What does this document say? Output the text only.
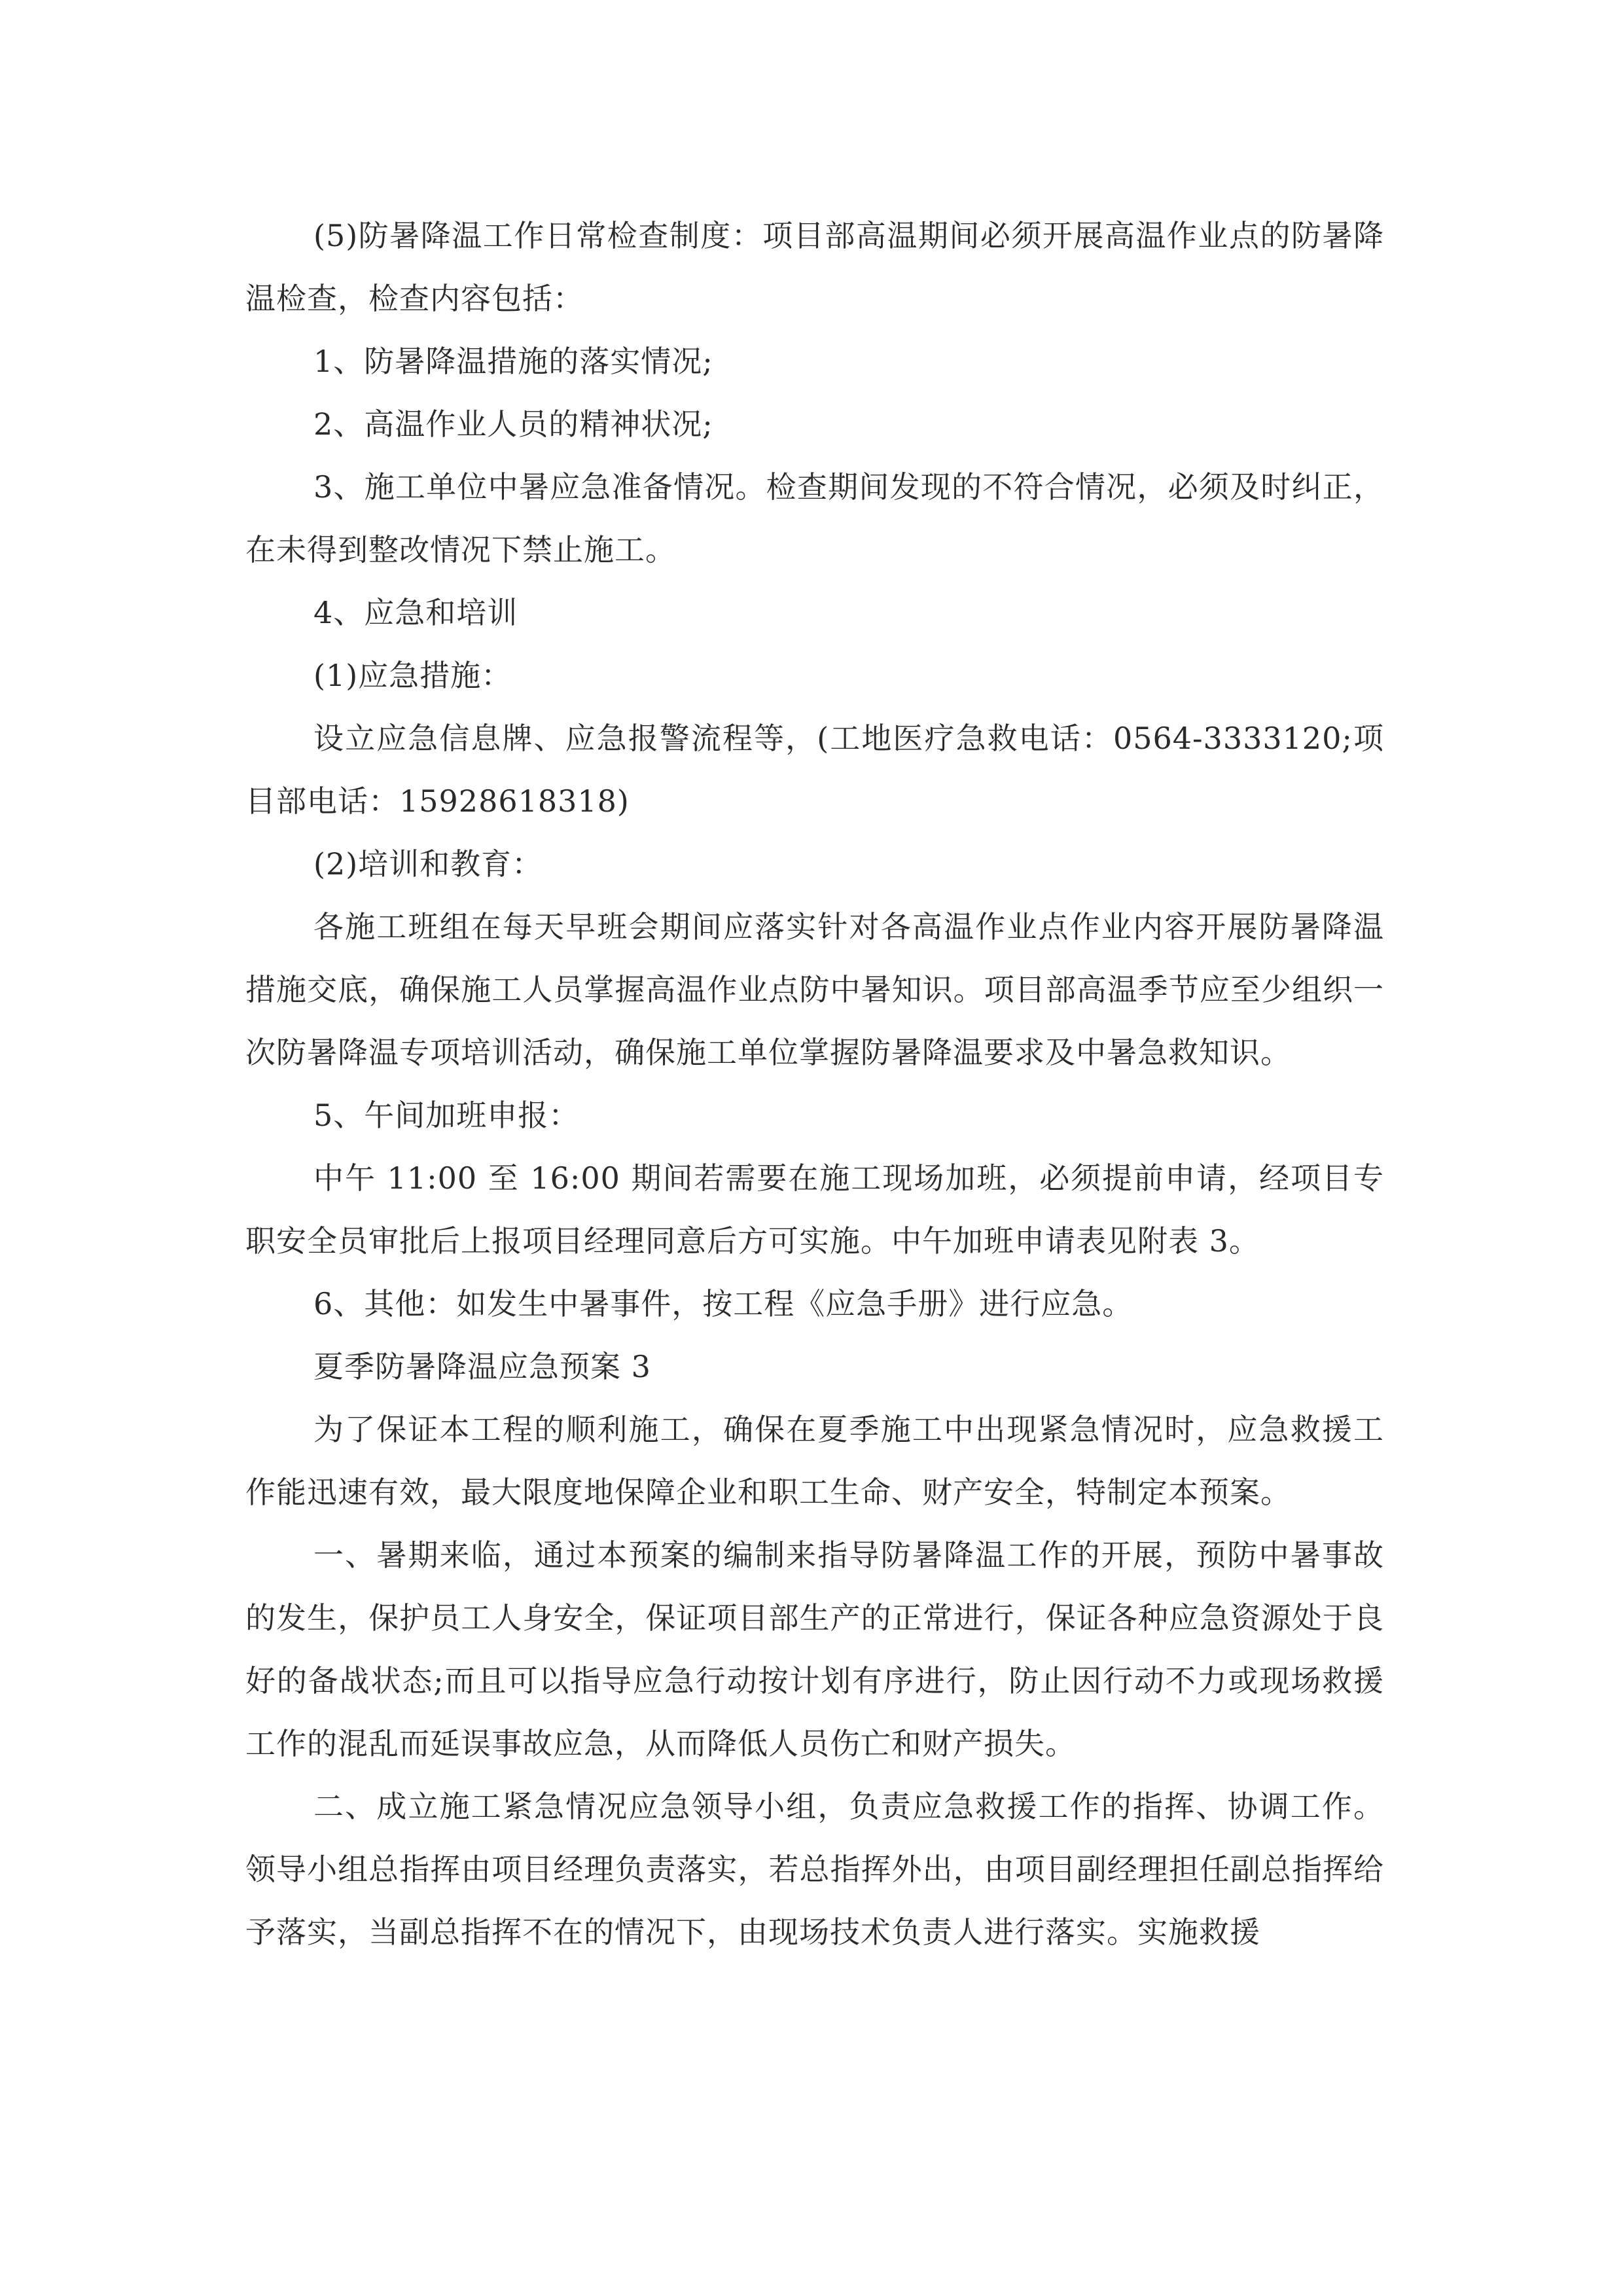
(5)防暑降温工作日常检查制度：项目部高温期间必须开展高温作业点的防暑降温检查，检查内容包括：

1、防暑降温措施的落实情况;

2、高温作业人员的精神状况;

3、施工单位中暑应急准备情况。检查期间发现的不符合情况，必须及时纠正，在未得到整改情况下禁止施工。

4、应急和培训

(1)应急措施：

设立应急信息牌、应急报警流程等，(工地医疗急救电话：0564-3333120;项目部电话：15928618318)

(2)培训和教育：

各施工班组在每天早班会期间应落实针对各高温作业点作业内容开展防暑降温措施交底，确保施工人员掌握高温作业点防中暑知识。项目部高温季节应至少组织一次防暑降温专项培训活动，确保施工单位掌握防暑降温要求及中暑急救知识。

5、午间加班申报：

中午 11:00 至 16:00 期间若需要在施工现场加班，必须提前申请，经项目专职安全员审批后上报项目经理同意后方可实施。中午加班申请表见附表 3。

6、其他：如发生中暑事件，按工程《应急手册》进行应急。

夏季防暑降温应急预案 3

为了保证本工程的顺利施工，确保在夏季施工中出现紧急情况时，应急救援工作能迅速有效，最大限度地保障企业和职工生命、财产安全，特制定本预案。

一、暑期来临，通过本预案的编制来指导防暑降温工作的开展，预防中暑事故的发生，保护员工人身安全，保证项目部生产的正常进行，保证各种应急资源处于良好的备战状态;而且可以指导应急行动按计划有序进行，防止因行动不力或现场救援工作的混乱而延误事故应急，从而降低人员伤亡和财产损失。

二、成立施工紧急情况应急领导小组，负责应急救援工作的指挥、协调工作。领导小组总指挥由项目经理负责落实，若总指挥外出，由项目副经理担任副总指挥给予落实，当副总指挥不在的情况下，由现场技术负责人进行落实。实施救援
